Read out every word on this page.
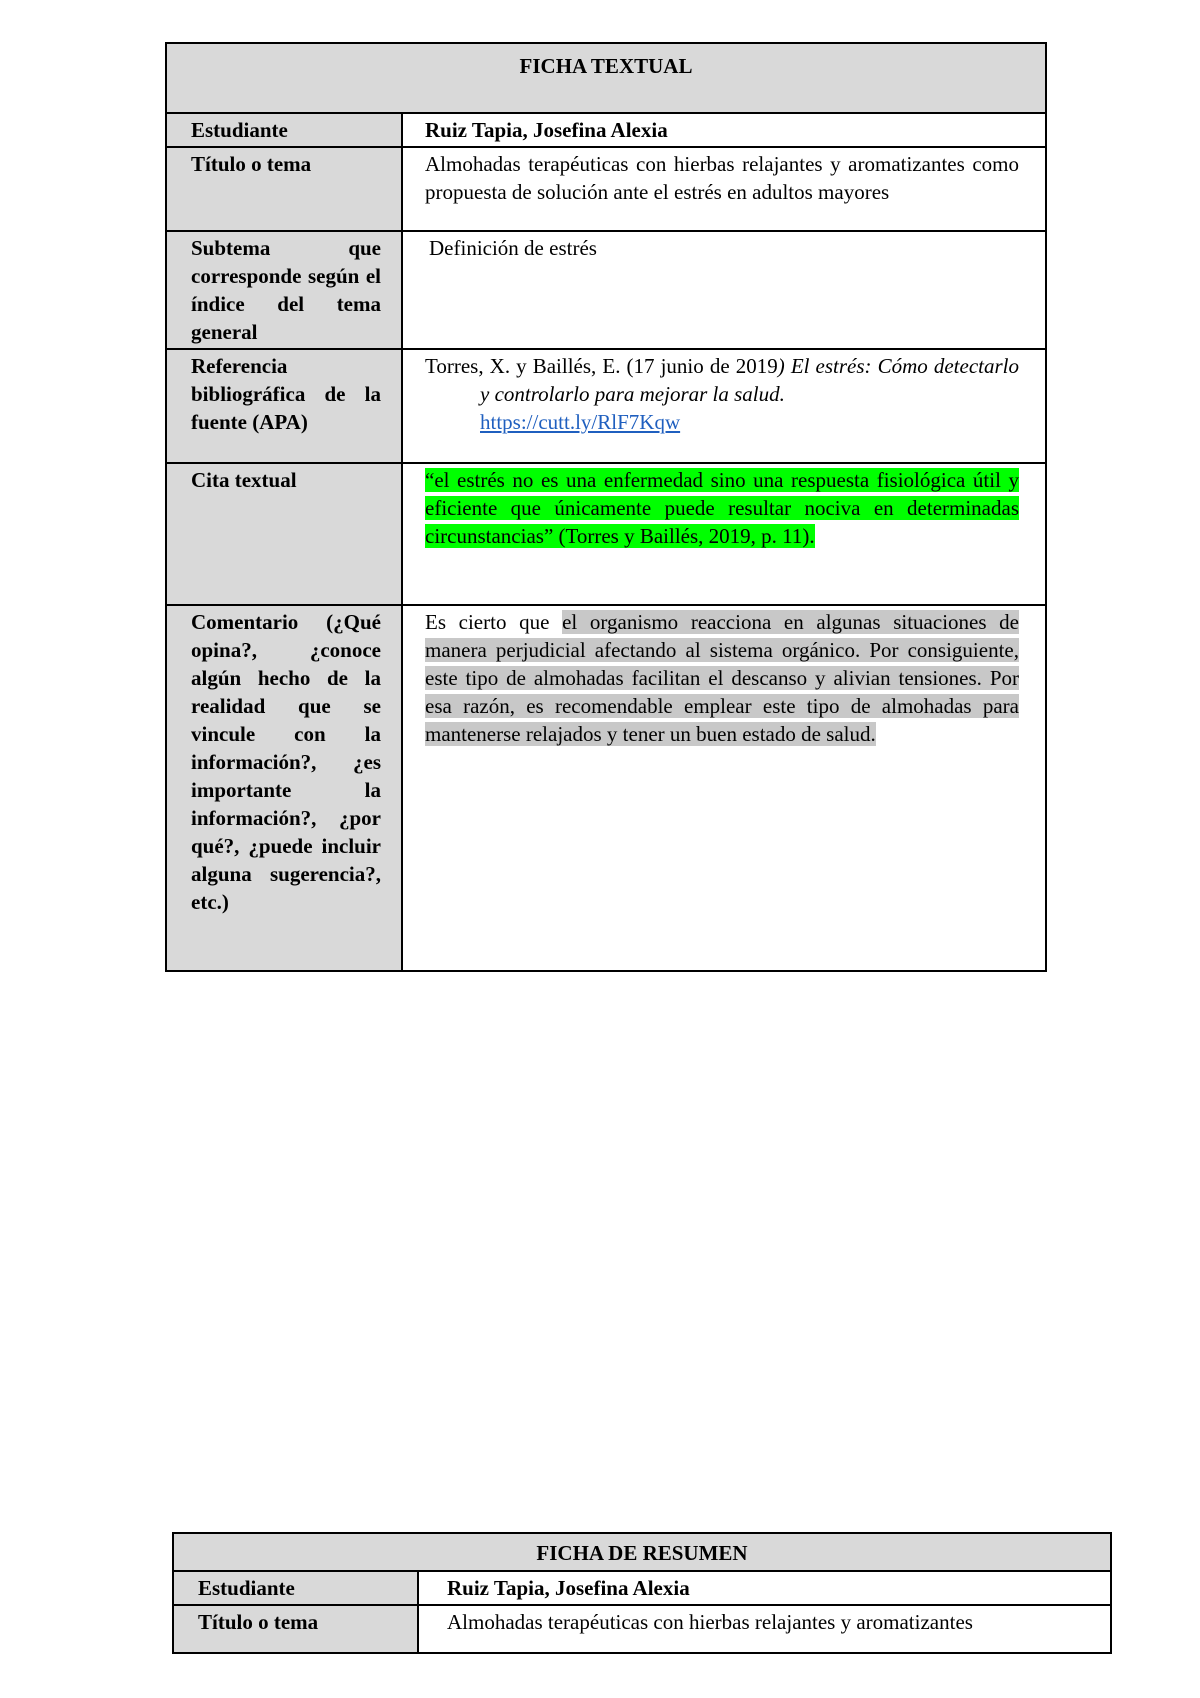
FICHA TEXTUAL	
Estudiante	Ruiz Tapia, Josefina Alexia
Título o tema	Almohadas terapéuticas con hierbas relajantes y aromatizantes como propuesta de solución ante el estrés en adultos mayores
Subtema que corresponde según el índice del tema general	Definición de estrés
Referencia bibliográfica de la fuente (APA)	Torres, X. y Baillés, E. (17 junio de 2019) El estrés: Cómo detectarlo y controlarlo para mejorar la salud.
https://cutt.ly/RlF7Kqw

Cita textual	“el estrés no es una enfermedad sino una respuesta fisiológica útil y eficiente que únicamente puede resultar nociva en determinadas circunstancias” (Torres y Baillés, 2019, p. 11).
Comentario (¿Qué opina?, ¿conoce algún hecho de la realidad que se vincule con la información?, ¿es importante la información?, ¿por qué?, ¿puede incluir alguna sugerencia?, etc.)	Es cierto que el organismo reacciona en algunas situaciones de manera perjudicial afectando al sistema orgánico. Por consiguiente, este tipo de almohadas facilitan el descanso y alivian tensiones. Por esa razón, es recomendable emplear este tipo de almohadas para mantenerse relajados y tener un buen estado de salud.
FICHA DE RESUMEN	
Estudiante	Ruiz Tapia, Josefina Alexia
Título o tema	Almohadas terapéuticas con hierbas relajantes y aromatizantes
